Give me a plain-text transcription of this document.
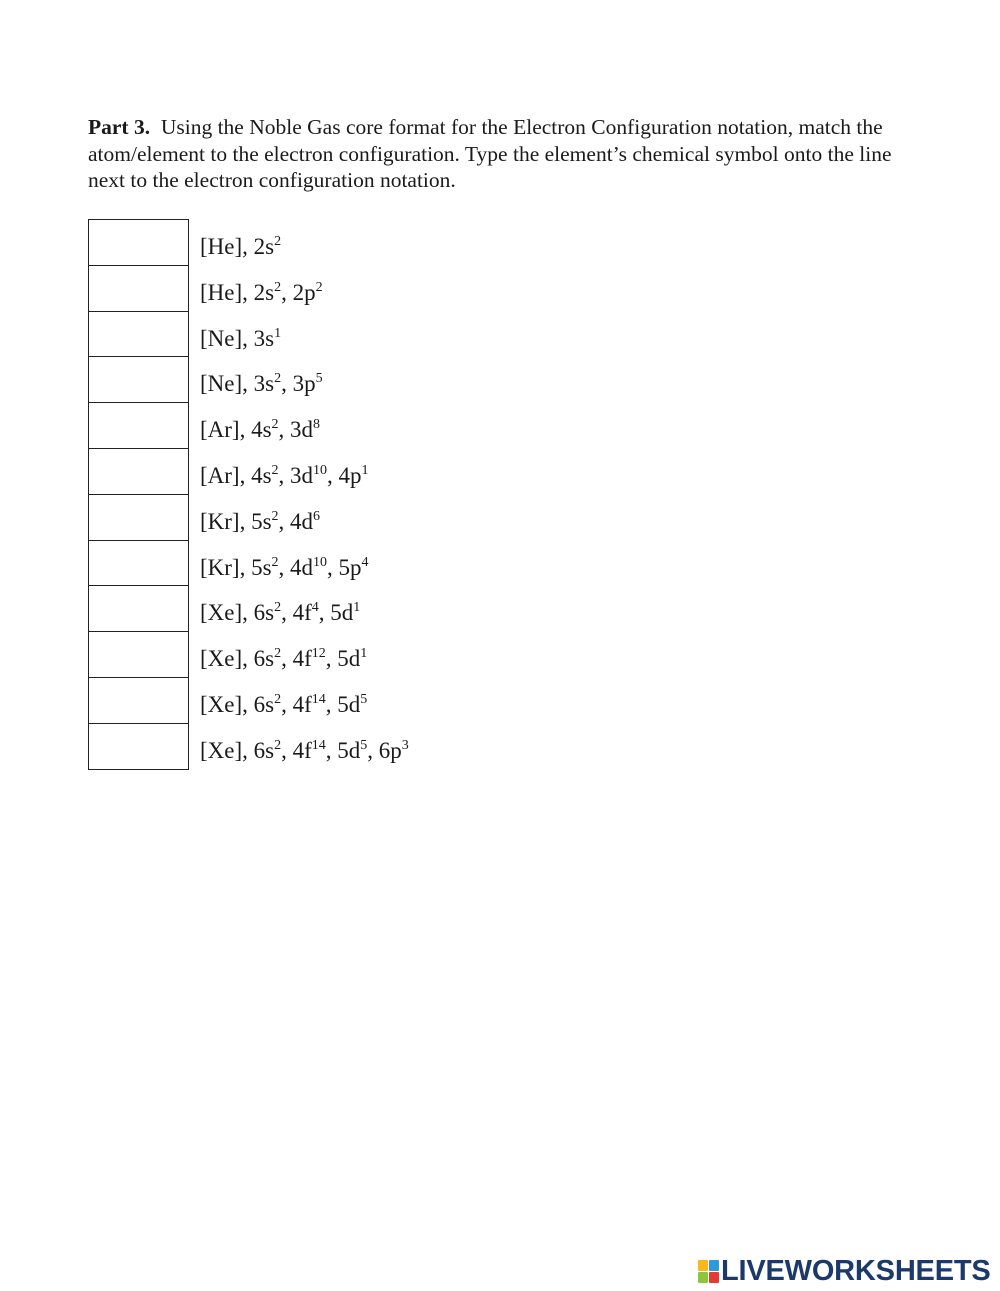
Part 3. Using the Noble Gas core format for the Electron Configuration notation, match the atom/element to the electron configuration. Type the element’s chemical symbol onto the line next to the electron configuration notation.

[He], $2s^2$
[He], $2s^2$, $2p^2$
[Ne], $3s^1$
[Ne], $3s^2$, $3p^5$
[Ar], $4s^2$, $3d^8$
[Ar], $4s^2$, $3d^{10}$, $4p^1$
[Kr], $5s^2$, $4d^6$
[Kr], $5s^2$, $4d^{10}$, $5p^4$
[Xe], $6s^2$, $4f^4$, $5d^1$
[Xe], $6s^2$, $4f^{12}$, $5d^1$
[Xe], $6s^2$, $4f^{14}$, $5d^5$
[Xe], $6s^2$, $4f^{14}$, $5d^5$, $6p^3$
LIVEWORKSHEETS
